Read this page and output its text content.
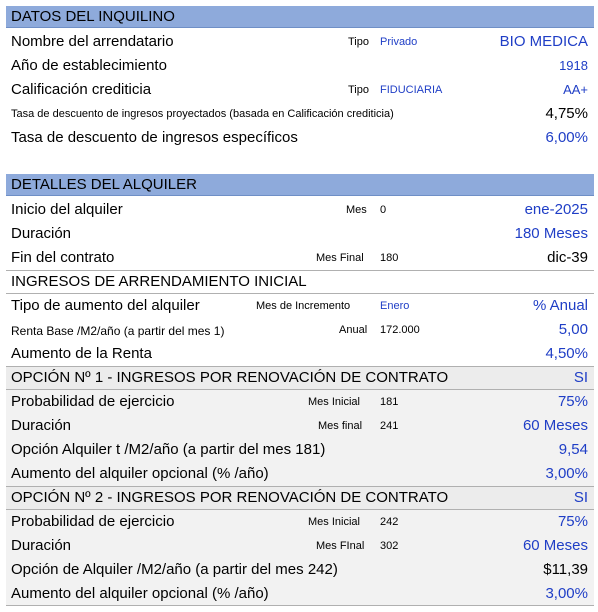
DATOS DEL INQUILINO
Nombre del arrendatario	Tipo Privado	BIO MEDICA
Año de establecimiento	1918
Calificación crediticia	Tipo FIDUCIARIA	AA+
Tasa de descuento de ingresos proyectados (basada en Calificación crediticia)	4,75%
Tasa de descuento de ingresos específicos	6,00%
DETALLES DEL ALQUILER
Inicio del alquiler	Mes 0	ene-2025
Duración	180 Meses
Fin del contrato	Mes Final 180	dic-39
INGRESOS DE ARRENDAMIENTO INICIAL
Tipo de aumento del alquiler	Mes de Incremento	Enero	% Anual
Renta Base /M2/año (a partir del mes 1)	Anual 172.000	5,00
Aumento de la Renta	4,50%
OPCIÓN Nº 1 - INGRESOS POR RENOVACIÓN DE CONTRATO	SI
Probabilidad de ejercicio	Mes Inicial 181	75%
Duración	Mes final 241	60 Meses
Opción Alquiler t /M2/año (a partir del mes 181)	9,54
Aumento del alquiler opcional (% /año)	3,00%
OPCIÓN Nº 2 - INGRESOS POR RENOVACIÓN DE CONTRATO	SI
Probabilidad de ejercicio	Mes Inicial 242	75%
Duración	Mes FInal 302	60 Meses
Opción de Alquiler /M2/año (a partir del mes 242)	$11,39
Aumento del alquiler opcional (% /año)	3,00%
